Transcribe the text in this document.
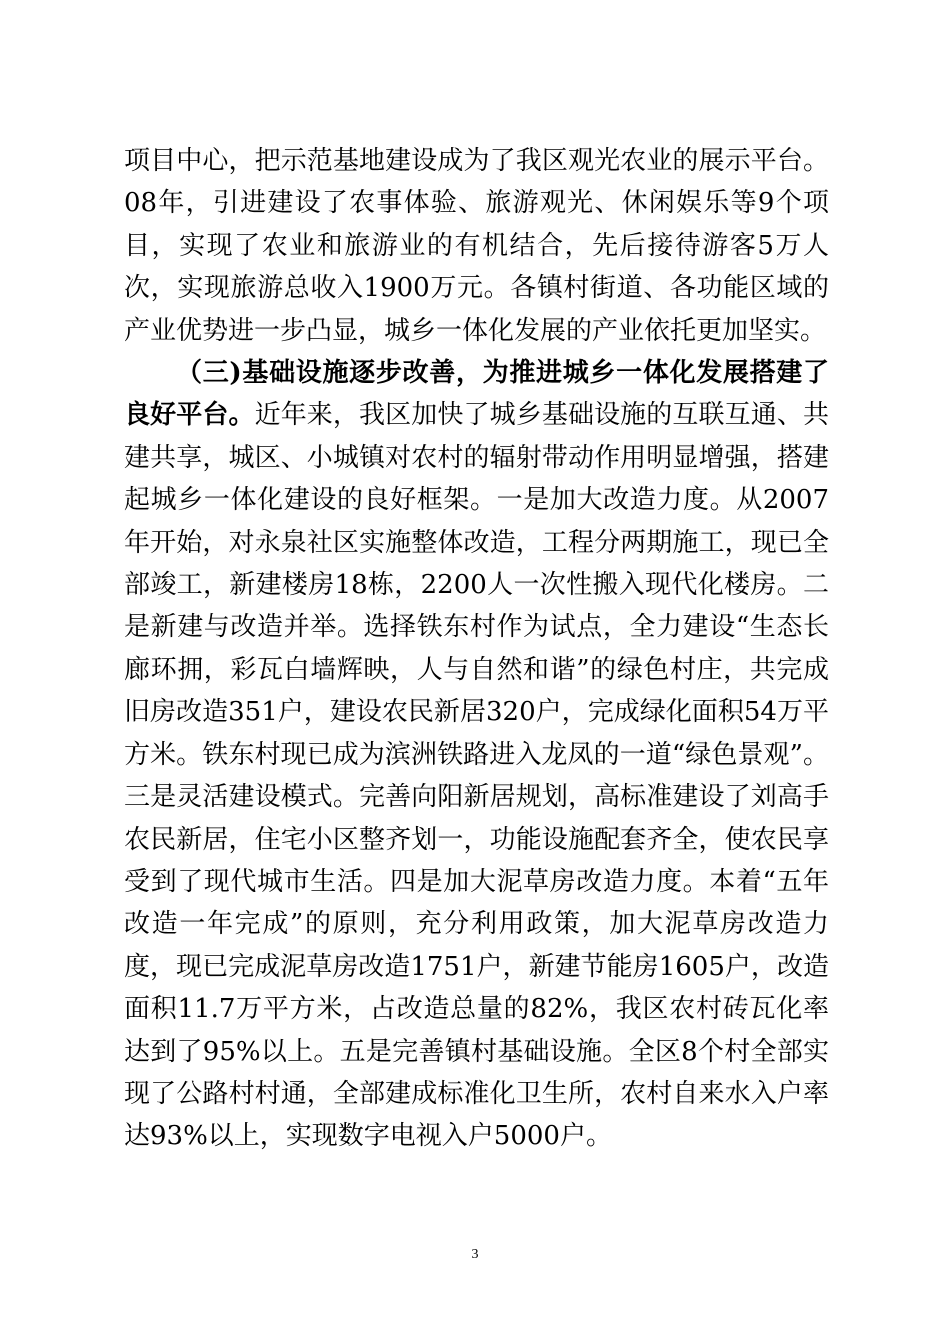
项目中心，把示范基地建设成为了我区观光农业的展示平台。08年，引进建设了农事体验、旅游观光、休闲娱乐等9个项目，实现了农业和旅游业的有机结合，先后接待游客5万人次，实现旅游总收入1900万元。各镇村街道、各功能区域的产业优势进一步凸显，城乡一体化发展的产业依托更加坚实。

（三)基础设施逐步改善，为推进城乡一体化发展搭建了良好平台。近年来，我区加快了城乡基础设施的互联互通、共建共享，城区、小城镇对农村的辐射带动作用明显增强，搭建起城乡一体化建设的良好框架。一是加大改造力度。从2007年开始，对永泉社区实施整体改造，工程分两期施工，现已全部竣工，新建楼房18栋，2200人一次性搬入现代化楼房。二是新建与改造并举。选择铁东村作为试点，全力建设“生态长廊环拥，彩瓦白墙辉映，人与自然和谐”的绿色村庄，共完成旧房改造351户，建设农民新居320户，完成绿化面积54万平方米。铁东村现已成为滨洲铁路进入龙凤的一道“绿色景观”。三是灵活建设模式。完善向阳新居规划，高标准建设了刘高手农民新居，住宅小区整齐划一，功能设施配套齐全，使农民享受到了现代城市生活。四是加大泥草房改造力度。本着“五年改造一年完成”的原则，充分利用政策，加大泥草房改造力度，现已完成泥草房改造1751户，新建节能房1605户，改造面积11.7万平方米，占改造总量的82%，我区农村砖瓦化率达到了95%以上。五是完善镇村基础设施。全区8个村全部实现了公路村村通，全部建成标准化卫生所，农村自来水入户率达93%以上，实现数字电视入户5000户。

3
